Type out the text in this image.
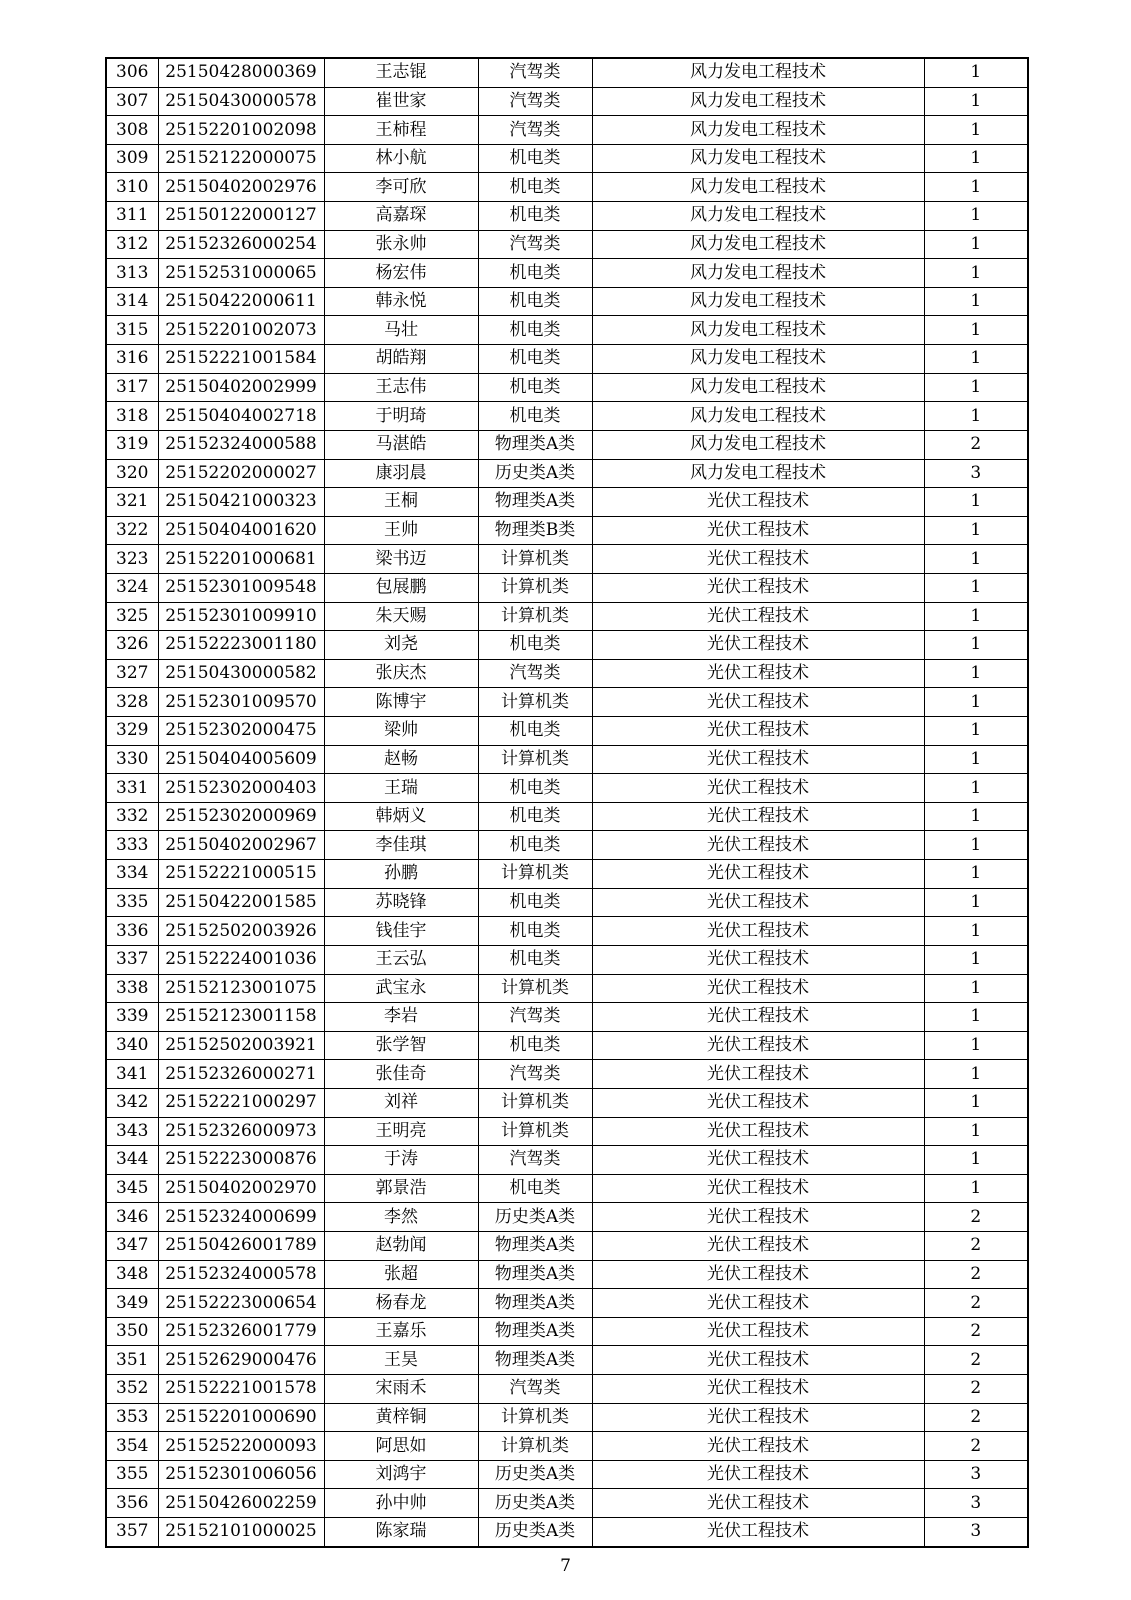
306	25150428000369	王志锟	汽驾类	风力发电工程技术	1
307	25150430000578	崔世家	汽驾类	风力发电工程技术	1
308	25152201002098	王柿程	汽驾类	风力发电工程技术	1
309	25152122000075	林小航	机电类	风力发电工程技术	1
310	25150402002976	李可欣	机电类	风力发电工程技术	1
311	25150122000127	高嘉琛	机电类	风力发电工程技术	1
312	25152326000254	张永帅	汽驾类	风力发电工程技术	1
313	25152531000065	杨宏伟	机电类	风力发电工程技术	1
314	25150422000611	韩永悦	机电类	风力发电工程技术	1
315	25152201002073	马壮	机电类	风力发电工程技术	1
316	25152221001584	胡皓翔	机电类	风力发电工程技术	1
317	25150402002999	王志伟	机电类	风力发电工程技术	1
318	25150404002718	于明琦	机电类	风力发电工程技术	1
319	25152324000588	马湛皓	物理类A类	风力发电工程技术	2
320	25152202000027	康羽晨	历史类A类	风力发电工程技术	3
321	25150421000323	王桐	物理类A类	光伏工程技术	1
322	25150404001620	王帅	物理类B类	光伏工程技术	1
323	25152201000681	梁书迈	计算机类	光伏工程技术	1
324	25152301009548	包展鹏	计算机类	光伏工程技术	1
325	25152301009910	朱天赐	计算机类	光伏工程技术	1
326	25152223001180	刘尧	机电类	光伏工程技术	1
327	25150430000582	张庆杰	汽驾类	光伏工程技术	1
328	25152301009570	陈博宇	计算机类	光伏工程技术	1
329	25152302000475	梁帅	机电类	光伏工程技术	1
330	25150404005609	赵畅	计算机类	光伏工程技术	1
331	25152302000403	王瑞	机电类	光伏工程技术	1
332	25152302000969	韩炳义	机电类	光伏工程技术	1
333	25150402002967	李佳琪	机电类	光伏工程技术	1
334	25152221000515	孙鹏	计算机类	光伏工程技术	1
335	25150422001585	苏晓锋	机电类	光伏工程技术	1
336	25152502003926	钱佳宇	机电类	光伏工程技术	1
337	25152224001036	王云弘	机电类	光伏工程技术	1
338	25152123001075	武宝永	计算机类	光伏工程技术	1
339	25152123001158	李岩	汽驾类	光伏工程技术	1
340	25152502003921	张学智	机电类	光伏工程技术	1
341	25152326000271	张佳奇	汽驾类	光伏工程技术	1
342	25152221000297	刘祥	计算机类	光伏工程技术	1
343	25152326000973	王明亮	计算机类	光伏工程技术	1
344	25152223000876	于涛	汽驾类	光伏工程技术	1
345	25150402002970	郭景浩	机电类	光伏工程技术	1
346	25152324000699	李然	历史类A类	光伏工程技术	2
347	25150426001789	赵勃闻	物理类A类	光伏工程技术	2
348	25152324000578	张超	物理类A类	光伏工程技术	2
349	25152223000654	杨春龙	物理类A类	光伏工程技术	2
350	25152326001779	王嘉乐	物理类A类	光伏工程技术	2
351	25152629000476	王昊	物理类A类	光伏工程技术	2
352	25152221001578	宋雨禾	汽驾类	光伏工程技术	2
353	25152201000690	黄梓铜	计算机类	光伏工程技术	2
354	25152522000093	阿思如	计算机类	光伏工程技术	2
355	25152301006056	刘鸿宇	历史类A类	光伏工程技术	3
356	25150426002259	孙中帅	历史类A类	光伏工程技术	3
357	25152101000025	陈家瑞	历史类A类	光伏工程技术	3
7
